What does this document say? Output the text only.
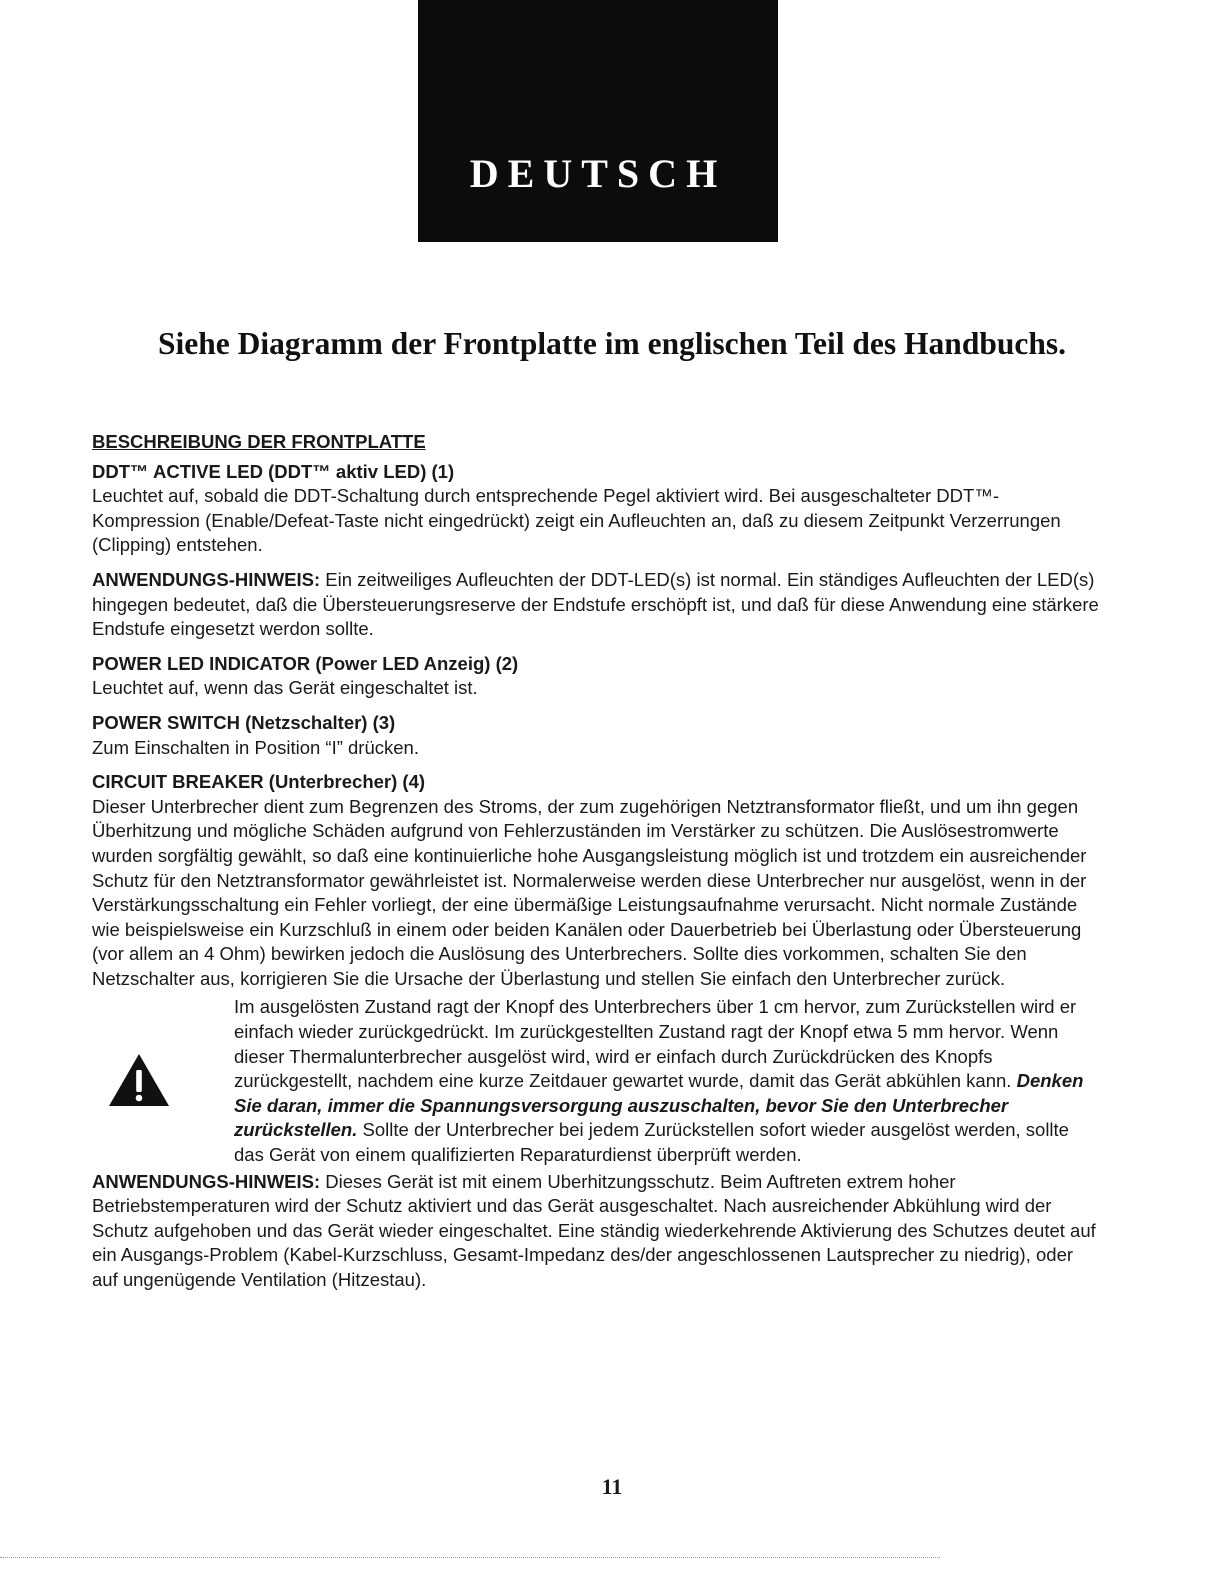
DEUTSCH
Siehe Diagramm der Frontplatte im englischen Teil des Handbuchs.
BESCHREIBUNG DER FRONTPLATTE
DDT™ ACTIVE LED (DDT™ aktiv LED) (1)

Leuchtet auf, sobald die DDT-Schaltung durch entsprechende Pegel aktiviert wird. Bei ausgeschalteter DDT™-Kompression (Enable/Defeat-Taste nicht eingedrückt) zeigt ein Aufleuchten an, daß zu diesem Zeitpunkt Verzerrungen (Clipping) entstehen.

ANWENDUNGS-HINWEIS: Ein zeitweiliges Aufleuchten der DDT-LED(s) ist normal. Ein ständiges Aufleuchten der LED(s) hingegen bedeutet, daß die Übersteuerungsreserve der Endstufe erschöpft ist, und daß für diese Anwendung eine stärkere Endstufe eingesetzt werdon sollte.
POWER LED INDICATOR (Power LED Anzeig) (2)

Leuchtet auf, wenn das Gerät eingeschaltet ist.

POWER SWITCH (Netzschalter) (3)

Zum Einschalten in Position “I” drücken.

CIRCUIT BREAKER (Unterbrecher) (4)

Dieser Unterbrecher dient zum Begrenzen des Stroms, der zum zugehörigen Netztransformator fließt, und um ihn gegen Überhitzung und mögliche Schäden aufgrund von Fehlerzuständen im Verstärker zu schützen. Die Auslösestromwerte wurden sorgfältig gewählt, so daß eine kontinuierliche hohe Ausgangsleistung möglich ist und trotzdem ein ausreichender Schutz für den Netztransformator gewährleistet ist. Normalerweise werden diese Unterbrecher nur ausgelöst, wenn in der Verstärkungsschaltung ein Fehler vorliegt, der eine übermäßige Leistungsaufnahme verursacht. Nicht normale Zustände wie beispielsweise ein Kurzschluß in einem oder beiden Kanälen oder Dauerbetrieb bei Überlastung oder Übersteuerung (vor allem an 4 Ohm) bewirken jedoch die Auslösung des Unterbrechers. Sollte dies vorkommen, schalten Sie den Netzschalter aus, korrigieren Sie die Ursache der Überlastung und stellen Sie einfach den Unterbrecher zurück.

Im ausgelösten Zustand ragt der Knopf des Unterbrechers über 1 cm hervor, zum Zurückstellen wird er einfach wieder zurückgedrückt. Im zurückgestellten Zustand ragt der Knopf etwa 5 mm hervor. Wenn dieser Thermalunterbrecher ausgelöst wird, wird er einfach durch Zurückdrücken des Knopfs zurückgestellt, nachdem eine kurze Zeitdauer gewartet wurde, damit das Gerät abkühlen kann. Denken Sie daran, immer die Spannungsversorgung auszuschalten, bevor Sie den Unterbrecher zurückstellen. Sollte der Unterbrecher bei jedem Zurückstellen sofort wieder ausgelöst werden, sollte das Gerät von einem qualifizierten Reparaturdienst überprüft werden.

ANWENDUNGS-HINWEIS: Dieses Gerät ist mit einem Uberhitzungsschutz. Beim Auftreten extrem hoher Betriebstemperaturen wird der Schutz aktiviert und das Gerät ausgeschaltet. Nach ausreichender Abkühlung wird der Schutz aufgehoben und das Gerät wieder eingeschaltet. Eine ständig wiederkehrende Aktivierung des Schutzes deutet auf ein Ausgangs-Problem (Kabel-Kurzschluss, Gesamt-Impedanz des/der angeschlossenen Lautsprecher zu niedrig), oder auf ungenügende Ventilation (Hitzestau).
11
